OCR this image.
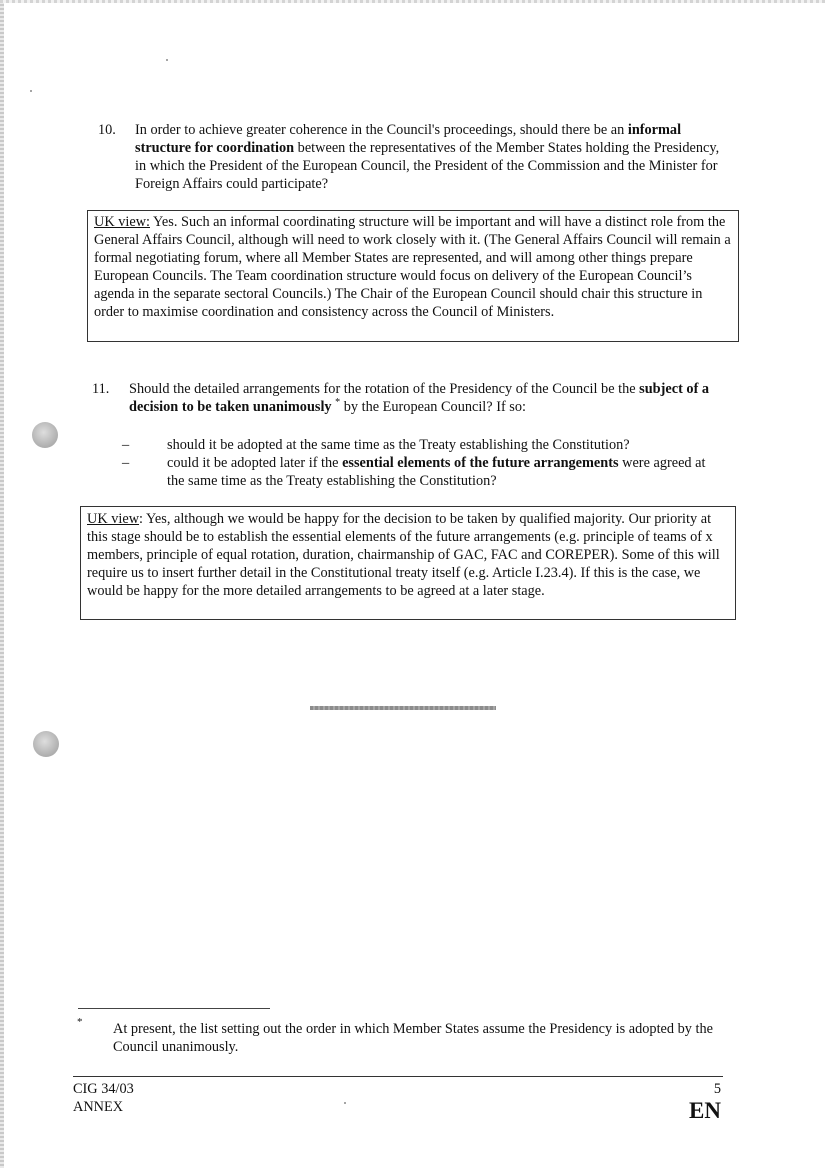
10. In order to achieve greater coherence in the Council's proceedings, should there be an informal structure for coordination between the representatives of the Member States holding the Presidency, in which the President of the European Council, the President of the Commission and the Minister for Foreign Affairs could participate?
UK view: Yes. Such an informal coordinating structure will be important and will have a distinct role from the General Affairs Council, although will need to work closely with it. (The General Affairs Council will remain a formal negotiating forum, where all Member States are represented, and will among other things prepare European Councils. The Team coordination structure would focus on delivery of the European Council’s agenda in the separate sectoral Councils.) The Chair of the European Council should chair this structure in order to maximise coordination and consistency across the Council of Ministers.
11. Should the detailed arrangements for the rotation of the Presidency of the Council be the subject of a decision to be taken unanimously * by the European Council? If so:
–	should it be adopted at the same time as the Treaty establishing the Constitution?
–	could it be adopted later if the essential elements of the future arrangements were agreed at the same time as the Treaty establishing the Constitution?
UK view: Yes, although we would be happy for the decision to be taken by qualified majority. Our priority at this stage should be to establish the essential elements of the future arrangements (e.g. principle of teams of x members, principle of equal rotation, duration, chairmanship of GAC, FAC and COREPER). Some of this will require us to insert further detail in the Constitutional treaty itself (e.g. Article I.23.4). If this is the case, we would be happy for the more detailed arrangements to be agreed at a later stage.
* At present, the list setting out the order in which Member States assume the Presidency is adopted by the Council unanimously.
CIG 34/03
ANNEX
5
EN
